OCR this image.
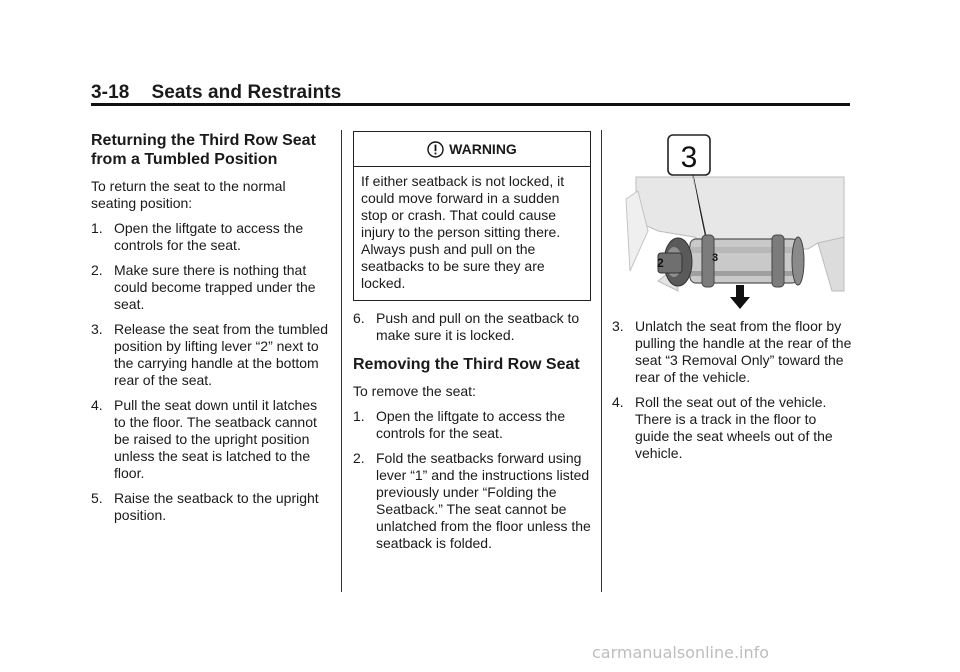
3-18 Seats and Restraints
Returning the Third Row Seat from a Tumbled Position

To return the seat to the normal seating position:

1. Open the liftgate to access the controls for the seat.
2. Make sure there is nothing that could become trapped under the seat.
3. Release the seat from the tumbled position by lifting lever “2” next to the carrying handle at the bottom rear of the seat.
4. Pull the seat down until it latches to the floor. The seatback cannot be raised to the upright position unless the seat is latched to the floor.
5. Raise the seatback to the upright position.
WARNING
If either seatback is not locked, it could move forward in a sudden stop or crash. That could cause injury to the person sitting there. Always push and pull on the seatbacks to be sure they are locked.
6. Push and pull on the seatback to make sure it is locked.
Removing the Third Row Seat

To remove the seat:

1. Open the liftgate to access the controls for the seat.
2. Fold the seatbacks forward using lever “1” and the instructions listed previously under “Folding the Seatback.” The seat cannot be unlatched from the floor unless the seatback is folded.
2	3
3
3. Unlatch the seat from the floor by pulling the handle at the rear of the seat “3 Removal Only” toward the rear of the vehicle.
4. Roll the seat out of the vehicle. There is a track in the floor to guide the seat wheels out of the vehicle.
carmanualsonline.info
